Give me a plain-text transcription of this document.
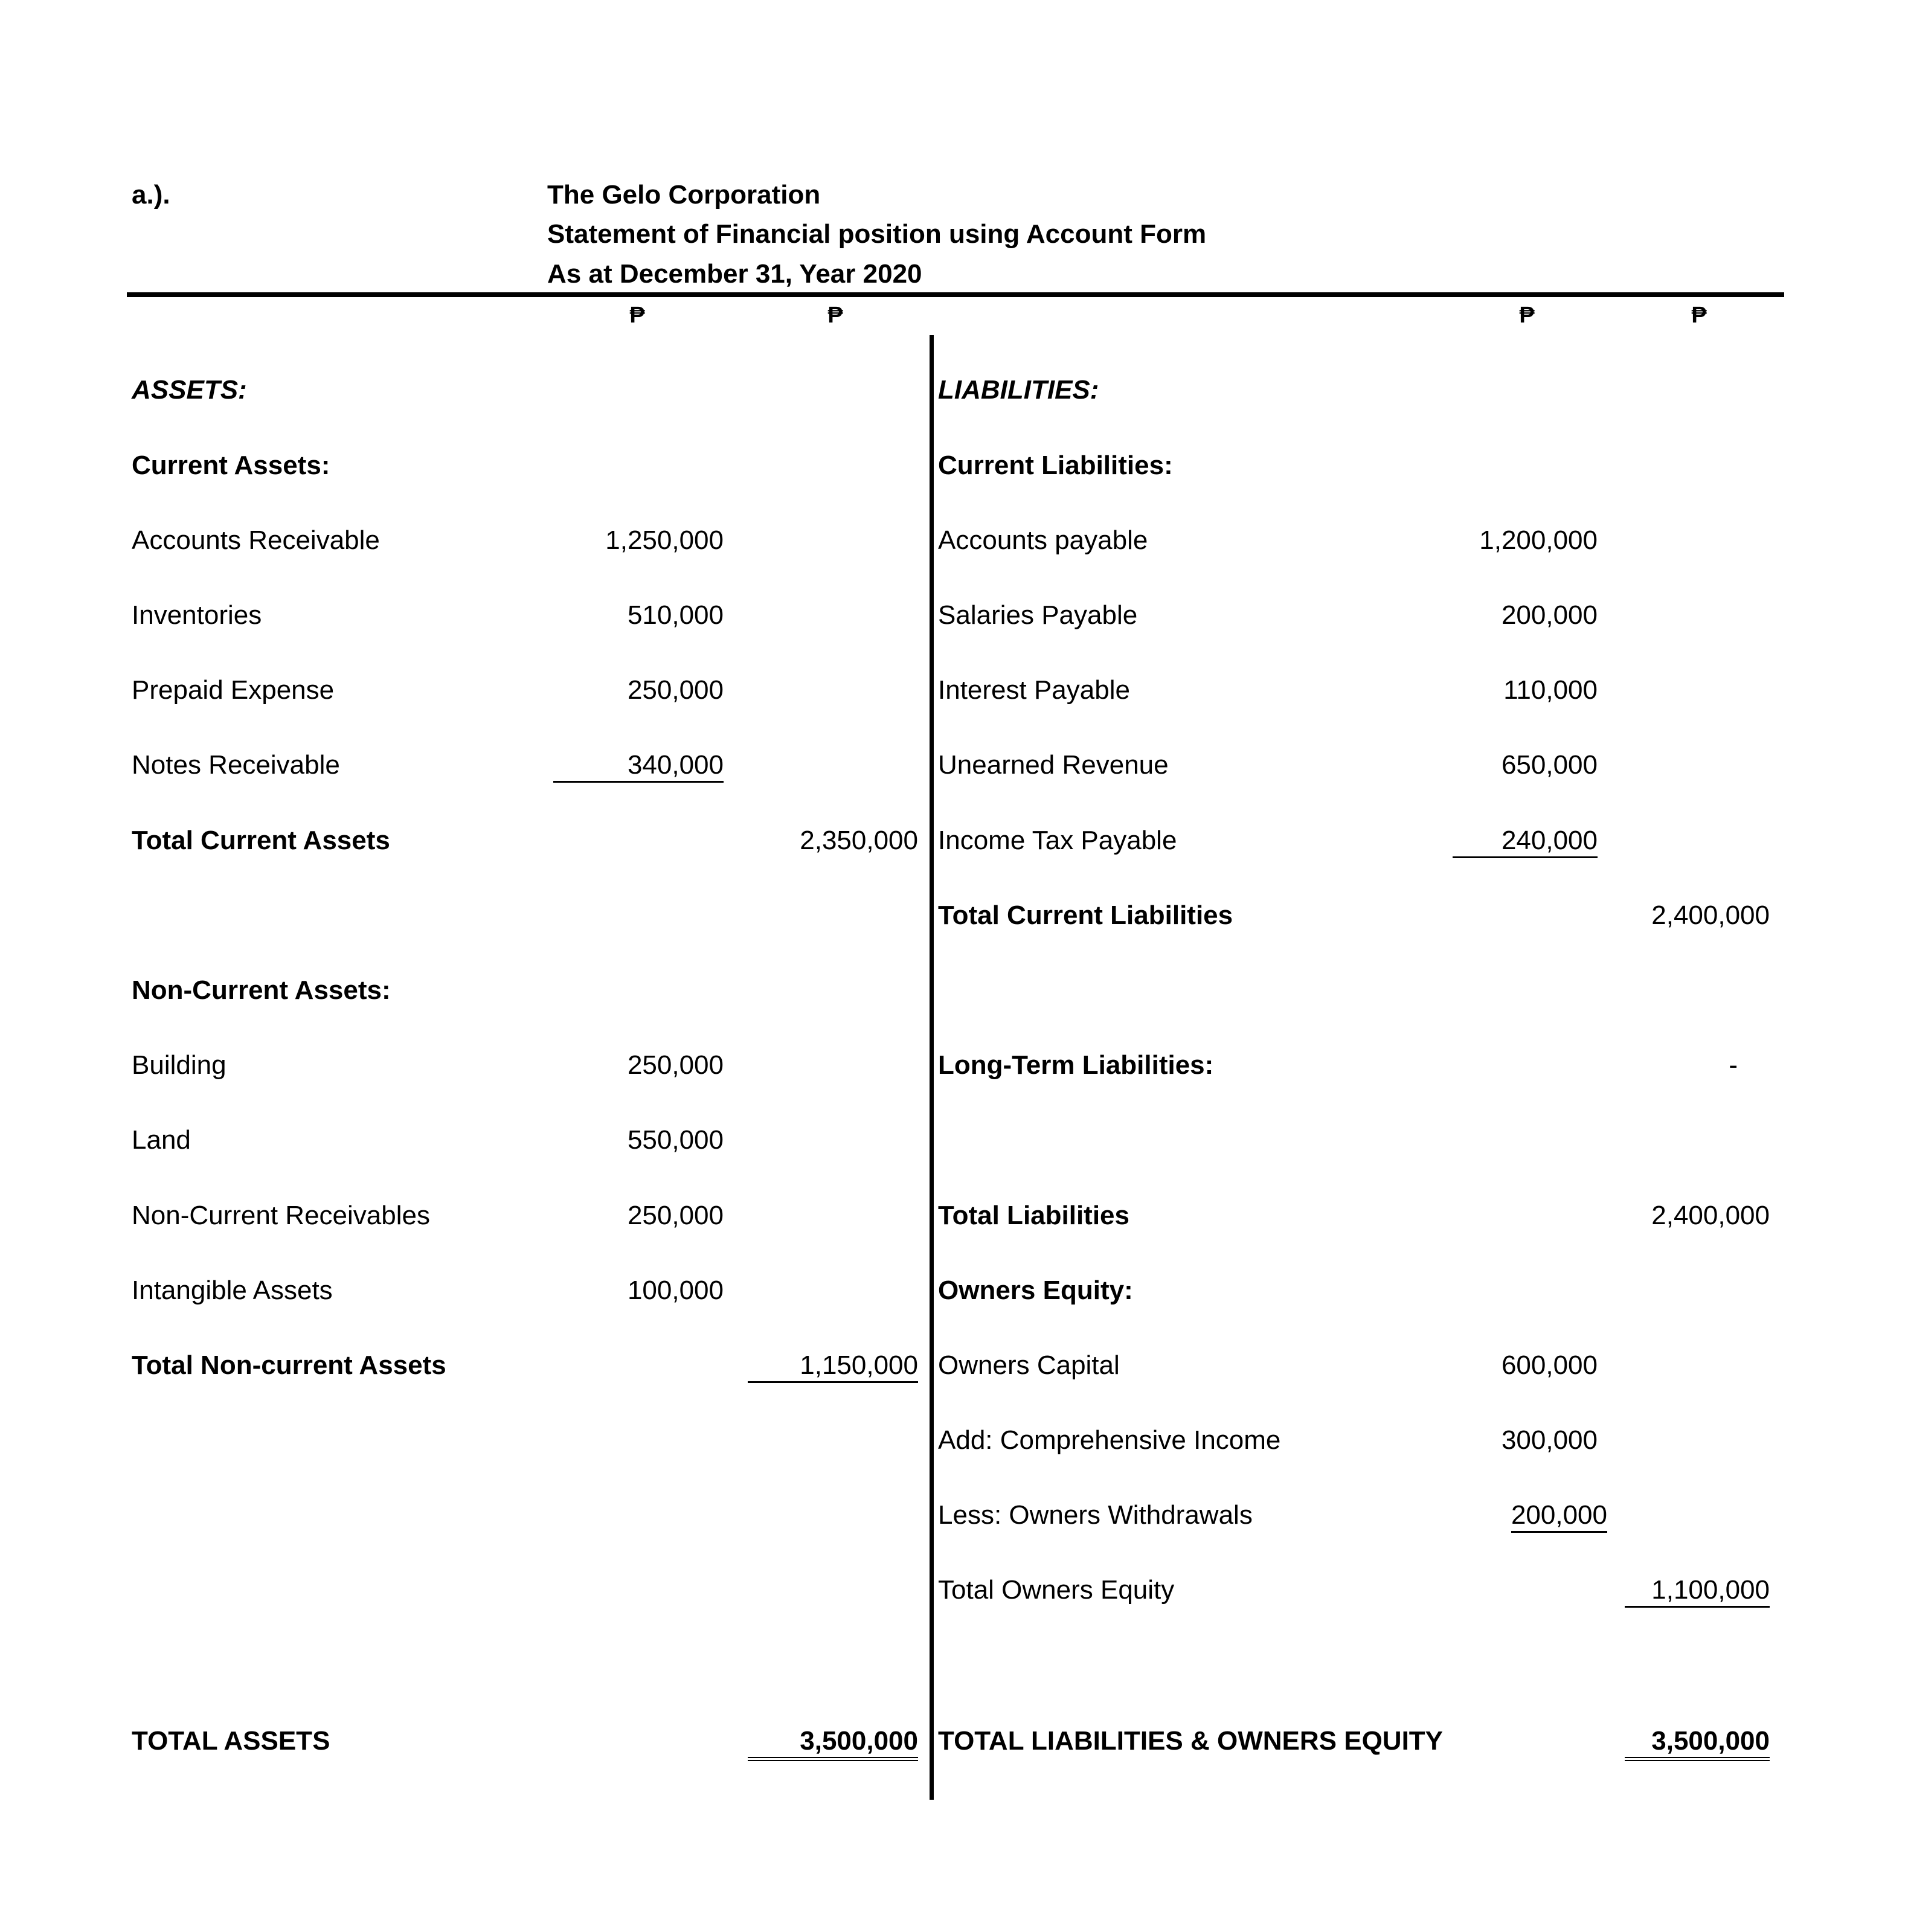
a.).	The Gelo Corporation
Statement of Financial position using Account Form
As at December 31, Year 2020
₱	₱	₱	₱
ASSETS:
Current Assets:
Accounts Receivable	1,250,000
Inventories	510,000
Prepaid Expense	250,000
Notes Receivable	340,000
Total Current Assets	2,350,000
Non-Current Assets:
Building	250,000
Land	550,000
Non-Current Receivables	250,000
Intangible Assets	100,000
Total Non-current Assets	1,150,000
TOTAL ASSETS	3,500,000
LIABILITIES:
Current Liabilities:
Accounts payable	1,200,000
Salaries Payable	200,000
Interest Payable	110,000
Unearned Revenue	650,000
Income Tax Payable	240,000
Total Current Liabilities	2,400,000
Long-Term Liabilities:	-
Total Liabilities	2,400,000
Owners Equity:
Owners Capital	600,000
Add: Comprehensive Income	300,000
Less: Owners Withdrawals	200,000
Total Owners Equity	1,100,000
TOTAL LIABILITIES & OWNERS EQUITY	3,500,000
